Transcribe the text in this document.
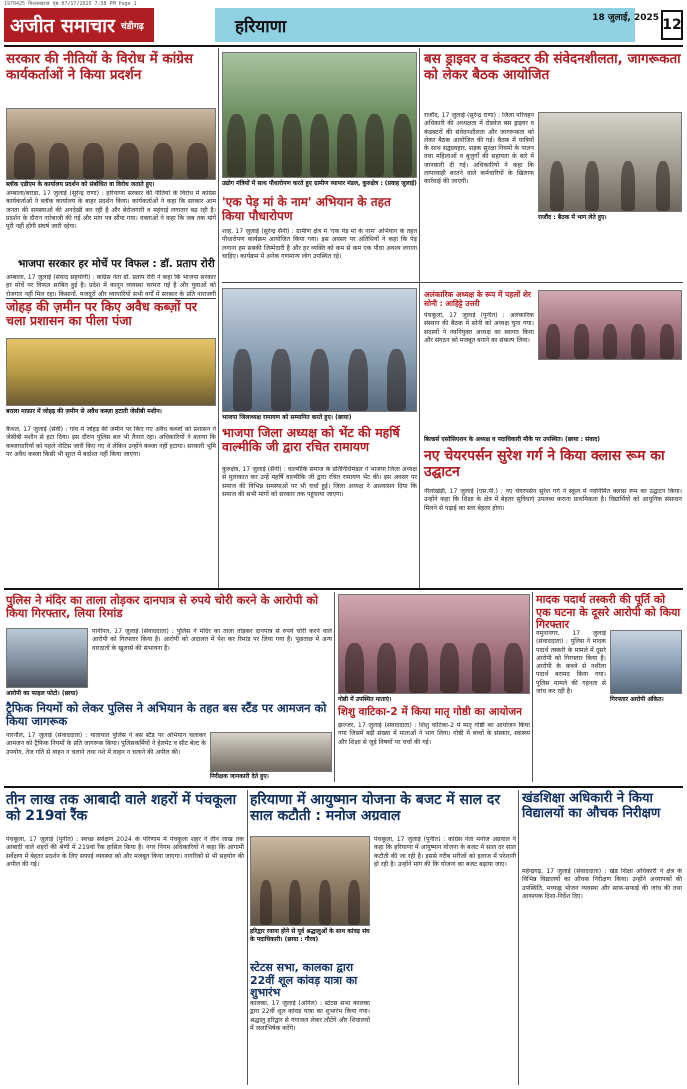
1970425 मिल्लाखराब पृष्ठ 07/17/2025 7:38 PM Page 1
अजीत समाचार चंडीगढ़	हरियाणा	18 जुलाई, 2025 12
सरकार की नीतियों के विरोध में कांग्रेस कार्यकर्ताओं ने किया प्रदर्शन
ब्लॉक एडीएम के कार्यालय प्रदर्शन को संबोधित वा विरोध जताते हुए।
अम्बाला/बराड़ा, 17 जुलाई (सुरेन्द्र राणा) : हरियाणा सरकार की नीतियों के विरोध में कांग्रेस कार्यकर्ताओं ने ब्लॉक कार्यालय के बाहर प्रदर्शन किया। कार्यकर्ताओं ने कहा कि सरकार आम जनता की समस्याओं की अनदेखी कर रही है और बेरोजगारी व महंगाई लगातार बढ़ रही है। प्रदर्शन के दौरान नारेबाजी की गई और मांग पत्र सौंपा गया। वक्ताओं ने कहा कि जब तक मांगें पूरी नहीं होंगी संघर्ष जारी रहेगा।
भाजपा सरकार हर मोर्चे पर विफल : डॉ. प्रताप रोरी
अम्बाला, 17 जुलाई (संवाद सहयोगी) : कांग्रेस नेता डॉ. प्रताप रोरी ने कहा कि भाजपा सरकार हर मोर्चे पर विफल साबित हुई है। प्रदेश में कानून व्यवस्था चरमरा गई है और युवाओं को रोजगार नहीं मिल रहा। किसानों, मजदूरों और व्यापारियों सभी वर्गों में सरकार के प्रति नाराजगी
जोहड़ की ज़मीन पर किए अवैध कब्ज़ों पर चला प्रशासन का पीला पंजा
बराला माफ़ार में जोहड़ की ज़मीन से अवैध कब्ज़ा हटाती जेसीबी मशीन।
कैथल, 17 जुलाई (सेवी) : गांव में जोहड़ की जमीन पर किए गए अवैध कब्जों को प्रशासन ने जेसीबी मशीन से हटा दिया। इस दौरान पुलिस बल भी तैनात रहा। अधिकारियों ने बताया कि कब्जाधारियों को पहले नोटिस जारी किए गए थे लेकिन उन्होंने कब्जा नहीं हटाया। सरकारी भूमि पर अवैध कब्जा किसी भी सूरत में बर्दाश्त नहीं किया जाएगा।
उद्योग मंत्रियों में साथ पौधारोपण करते हुए ग्रामीण व्यापार मंडल, कुरुक्षेत्र : (प्रवाह जुलाई)
'एक पेड़ मां के नाम' अभियान के तहत किया पौधारोपण
शाह, 17 जुलाई (सुरेन्द्र सैनी) : ग्रामीण क्षेत्र में 'एक पेड़ मां के नाम' अभियान के तहत पौधारोपण कार्यक्रम आयोजित किया गया। इस अवसर पर अतिथियों ने कहा कि पेड़ लगाना हम सबकी जिम्मेदारी है और हर व्यक्ति को कम से कम एक पौधा अवश्य लगाना चाहिए। कार्यक्रम में अनेक गणमान्य लोग उपस्थित रहे।
बस ड्राइवर व कंडक्टर की संवेदनशीलता, जागरूकता को लेकर बैठक आयोजित
राजौंद, 17 जुलाई (सुरेन्द्र राणा) : जिला परिवहन अधिकारी की अध्यक्षता में रोडवेज बस ड्राइवर व कंडक्टरों की संवेदनशीलता और जागरूकता को लेकर बैठक आयोजित की गई। बैठक में यात्रियों के साथ सद्व्यवहार, सड़क सुरक्षा नियमों के पालन तथा महिलाओं व बुजुर्गों की सहायता के बारे में जानकारी दी गई। अधिकारियों ने कहा कि लापरवाही बरतने वाले कर्मचारियों के खिलाफ कार्रवाई की जाएगी।
राजौंद : बैठक में भाग लेते हुए।
भाजपा जिलाध्यक्ष रामायण को सम्मानित करते हुए। (छाया)
भाजपा जिला अध्यक्ष को भेंट की महर्षि वाल्मीकि जी द्वारा रचित रामायण
कुरुक्षेत्र, 17 जुलाई (सैनी) : वाल्मीकि समाज के प्रतिनिधिमंडल ने भाजपा जिला अध्यक्ष से मुलाकात कर उन्हें महर्षि वाल्मीकि जी द्वारा रचित रामायण भेंट की। इस अवसर पर समाज की विभिन्न समस्याओं पर भी चर्चा हुई। जिला अध्यक्ष ने आश्वासन दिया कि समाज की सभी मांगों को सरकार तक पहुंचाया जाएगा।
अलंकारिक अध्यक्ष के रूप में पहलों शेर सोनी : आहिट्टे उत्तरी
पंचकूला, 17 जुलाई (पुनीत) : अलंकारिक संस्थान की बैठक में सोनी को अध्यक्ष चुना गया। सदस्यों ने नवनियुक्त अध्यक्ष का स्वागत किया और संगठन को मजबूत बनाने का संकल्प लिया।
बिल्डर्स एसोसिएशन के अध्यक्ष व पदाधिकारी मौके पर उपस्थित। (छाया : संवाद)
नए चेयरपर्सन सुरेश गर्ग ने किया क्लास रूम का उद्घाटन
नीलोखेड़ी, 17 जुलाई (एस.पी.) : नए चेयरपर्सन सुरेश गर्ग ने स्कूल में नवनिर्मित क्लास रूम का उद्घाटन किया। उन्होंने कहा कि शिक्षा के क्षेत्र में बेहतर सुविधाएं उपलब्ध कराना प्राथमिकता है। विद्यार्थियों को आधुनिक संसाधन मिलने से पढ़ाई का स्तर बेहतर होगा।
पुलिस ने मंदिर का ताला तोड़कर दानपात्र से रुपये चोरी करने के आरोपी को किया गिरफ्तार, लिया रिमांड
आरोपी का फाइल फोटो। (छाया)
पानीपत, 17 जुलाई (संवाददाता) : पुलिस ने मंदिर का ताला तोड़कर दानपात्र से रुपये चोरी करने वाले आरोपी को गिरफ्तार किया है। आरोपी को अदालत में पेश कर रिमांड पर लिया गया है। पूछताछ में अन्य वारदातों के खुलासे की संभावना है।
ट्रैफिक नियमों को लेकर पुलिस ने अभियान के तहत बस स्टैंड पर आमजन को किया जागरूक
नारनौल, 17 जुलाई (संवाददाता) : यातायात पुलिस ने बस स्टैंड पर अभियान चलाकर आमजन को ट्रैफिक नियमों के प्रति जागरूक किया। पुलिसकर्मियों ने हेलमेट व सीट बेल्ट के उपयोग, तेज गति से वाहन न चलाने तथा नशे में वाहन न चलाने की अपील की।
निरीक्षक जानकारी देते हुए।
गोष्ठी में उपस्थित माताएं।
शिशु वाटिका-2 में किया मातृ गोष्ठी का आयोजन
झज्जर, 17 जुलाई (संवाददाता) : शिशु वाटिका-2 में मातृ गोष्ठी का आयोजन किया गया जिसमें बड़ी संख्या में माताओं ने भाग लिया। गोष्ठी में बच्चों के संस्कार, स्वास्थ्य और शिक्षा से जुड़े विषयों पर चर्चा की गई।
मादक पदार्थ तस्करी की पूर्ति को एक घटना के दूसरे आरोपी को किया गिरफ्तार
यमुनानगर, 17 जुलाई (संवाददाता) : पुलिस ने मादक पदार्थ तस्करी के मामले में दूसरे आरोपी को गिरफ्तार किया है। आरोपी के कब्जे से नशीला पदार्थ बरामद किया गया। पुलिस मामले की गहनता से जांच कर रही है।
गिरफ्तार आरोपी अंकित।
तीन लाख तक आबादी वाले शहरों में पंचकूला को 219वां रैंक
पंचकूला, 17 जुलाई (पुनीत) : स्वच्छ सर्वेक्षण 2024 के परिणाम में पंचकूला शहर ने तीन लाख तक आबादी वाले शहरों की श्रेणी में 219वां रैंक हासिल किया है। नगर निगम अधिकारियों ने कहा कि आगामी सर्वेक्षण में बेहतर प्रदर्शन के लिए सफाई व्यवस्था को और मजबूत किया जाएगा। नागरिकों से भी सहयोग की अपील की गई।
हरियाणा में आयुष्मान योजना के बजट में साल दर साल कटौती : मनोज अग्रवाल
हरिद्वार रवाना होने से पूर्व श्रद्धालुओं के साथ कांवड़ संघ के पदाधिकारी। (छाया : गौरव)
पंचकूला, 17 जुलाई (पुनीत) : कांग्रेस नेता मनोज अग्रवाल ने कहा कि हरियाणा में आयुष्मान योजना के बजट में साल दर साल कटौती की जा रही है। इससे गरीब मरीजों को इलाज में परेशानी हो रही है। उन्होंने मांग की कि योजना का बजट बढ़ाया जाए।
स्टेटस सभा, कालका द्वारा 22वीं शूल कांवड़ यात्रा का शुभारंभ
कालका, 17 जुलाई (अनिल) : स्टेटस सभा कालका द्वारा 22वीं शूल कांवड़ यात्रा का शुभारंभ किया गया। श्रद्धालु हरिद्वार से गंगाजल लेकर लौटेंगे और शिवालयों में जलाभिषेक करेंगे।
खंडशिक्षा अधिकारी ने किया विद्यालयों का औचक निरीक्षण
महेन्द्रगढ़, 17 जुलाई (संवाददाता) : खंड शिक्षा अधिकारी ने क्षेत्र के विभिन्न विद्यालयों का औचक निरीक्षण किया। उन्होंने अध्यापकों की उपस्थिति, मध्याह्न भोजन व्यवस्था और साफ-सफाई की जांच की तथा आवश्यक दिशा-निर्देश दिए।
